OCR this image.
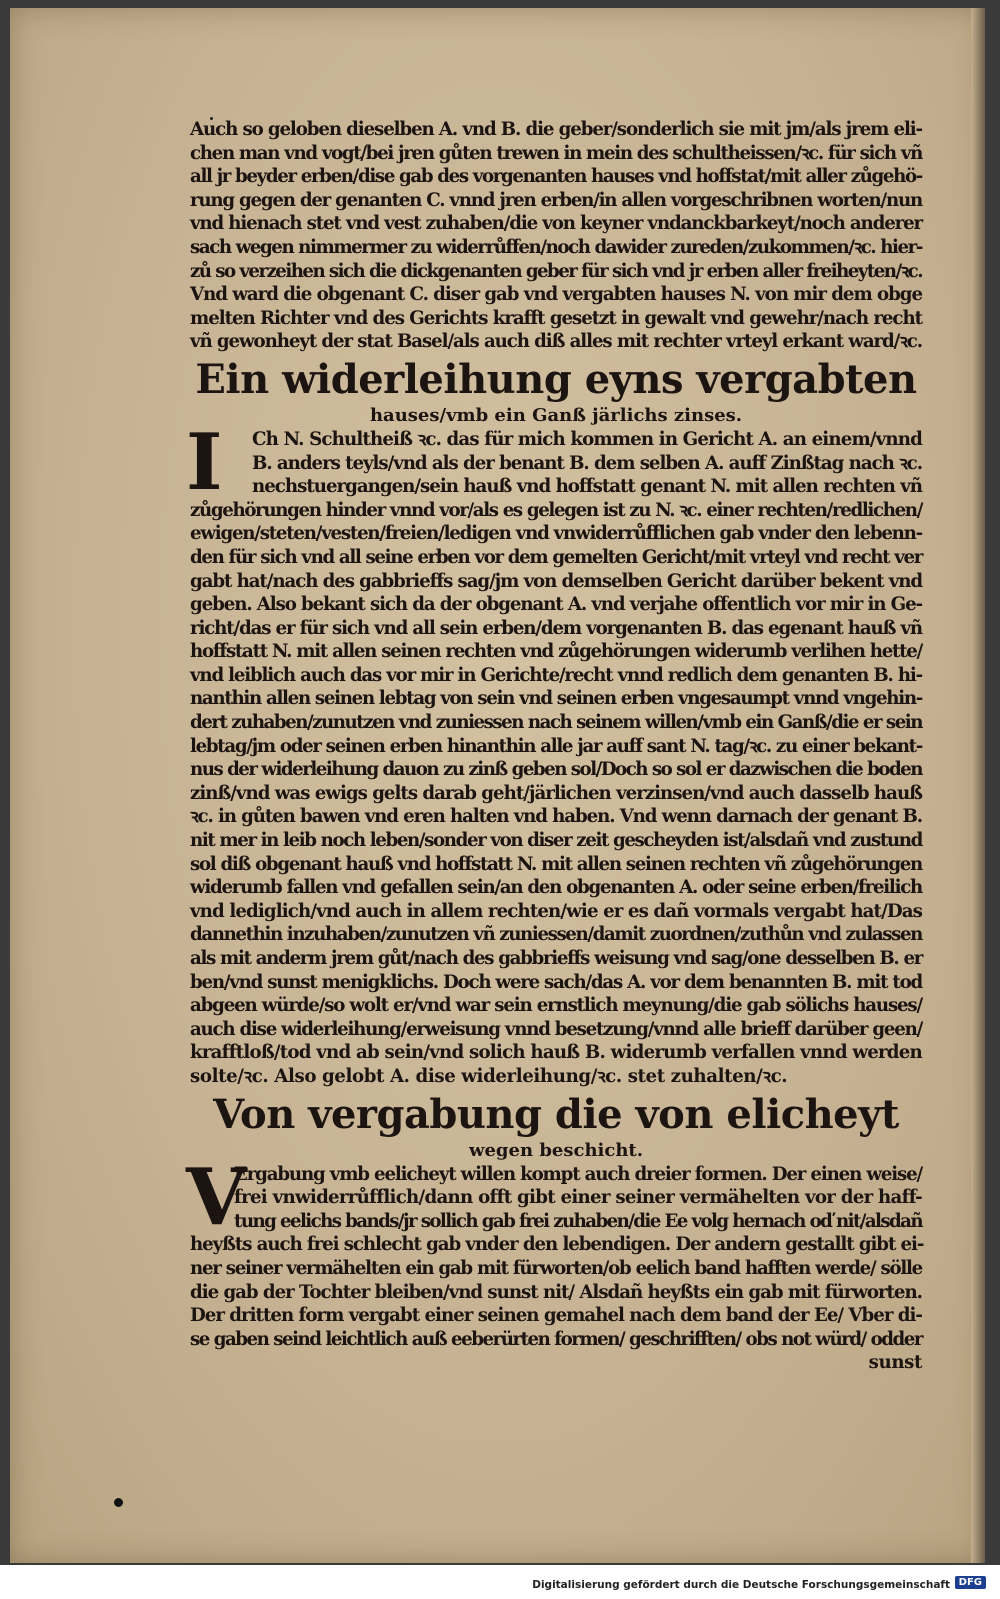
Auch so geloben dieselben A. vnd B. die geber/sonderlich sie mit jm/als jrem eli-
chen man vnd vogt/bei jren gůten trewen in mein des schultheissen/ꝛc. für sich vñ
all jr beyder erben/dise gab des vorgenanten hauses vnd hoffstat/mit aller zůgehö-
rung gegen der genanten C. vnnd jren erben/in allen vorgeschribnen worten/nun
vnd hienach stet vnd vest zuhaben/die von keyner vndanckbarkeyt/noch anderer
sach wegen nimmermer zu widerrůffen/noch dawider zureden/zukommen/ꝛc. hier-
zů so verzeihen sich die dickgenanten geber für sich vnd jr erben aller freiheyten/ꝛc.
Vnd ward die obgenant C. diser gab vnd vergabten hauses N. von mir dem obge
melten Richter vnd des Gerichts krafft gesetzt in gewalt vnd gewehr/nach recht
vñ gewonheyt der stat Basel/als auch diß alles mit rechter vrteyl erkant ward/ꝛc.
Ein widerleihung eyns vergabten
hauses/vmb ein Ganß järlichs zinses.
I	Ch N. Schultheiß ꝛc. das für mich kommen in Gericht A. an einem/vnnd
B. anders teyls/vnd als der benant B. dem selben A. auff Zinßtag nach ꝛc.
nechstuergangen/sein hauß vnd hoffstatt genant N. mit allen rechten vñ
zůgehörungen hinder vnnd vor/als es gelegen ist zu N. ꝛc. einer rechten/redlichen/
ewigen/steten/vesten/freien/ledigen vnd vnwiderrůfflichen gab vnder den lebenn-
den für sich vnd all seine erben vor dem gemelten Gericht/mit vrteyl vnd recht ver
gabt hat/nach des gabbrieffs sag/jm von demselben Gericht darüber bekent vnd
geben. Also bekant sich da der obgenant A. vnd verjahe offentlich vor mir in Ge-
richt/das er für sich vnd all sein erben/dem vorgenanten B. das egenant hauß vñ
hoffstatt N. mit allen seinen rechten vnd zůgehörungen widerumb verlihen hette/
vnd leiblich auch das vor mir in Gerichte/recht vnnd redlich dem genanten B. hi-
nanthin allen seinen lebtag von sein vnd seinen erben vngesaumpt vnnd vngehin-
dert zuhaben/zunutzen vnd zuniessen nach seinem willen/vmb ein Ganß/die er sein
lebtag/jm oder seinen erben hinanthin alle jar auff sant N. tag/ꝛc. zu einer bekant-
nus der widerleihung dauon zu zinß geben sol/Doch so sol er dazwischen die boden
zinß/vnd was ewigs gelts darab geht/järlichen verzinsen/vnd auch dasselb hauß
ꝛc. in gůten bawen vnd eren halten vnd haben. Vnd wenn darnach der genant B.
nit mer in leib noch leben/sonder von diser zeit gescheyden ist/alsdañ vnd zustund
sol diß obgenant hauß vnd hoffstatt N. mit allen seinen rechten vñ zůgehörungen
widerumb fallen vnd gefallen sein/an den obgenanten A. oder seine erben/freilich
vnd lediglich/vnd auch in allem rechten/wie er es dañ vormals vergabt hat/Das
dannethin inzuhaben/zunutzen vñ zuniessen/damit zuordnen/zuthůn vnd zulassen
als mit anderm jrem gůt/nach des gabbrieffs weisung vnd sag/one desselben B. er
ben/vnd sunst menigklichs. Doch were sach/das A. vor dem benannten B. mit tod
abgeen würde/so wolt er/vnd war sein ernstlich meynung/die gab sölichs hauses/
auch dise widerleihung/erweisung vnnd besetzung/vnnd alle brieff darüber geen/
krafftloß/tod vnd ab sein/vnd solich hauß B. widerumb verfallen vnnd werden
solte/ꝛc. Also gelobt A. dise widerleihung/ꝛc. stet zuhalten/ꝛc.
Von vergabung die von elicheyt
wegen beschicht.
V
Ergabung vmb eelicheyt willen kompt auch dreier formen. Der einen weise/
frei vnwiderrůfflich/dann offt gibt einer seiner vermähelten vor der haff-
tung eelichs bands/jr sollich gab frei zuhaben/die Ee volg hernach oď nit/alsdañ
heyßts auch frei schlecht gab vnder den lebendigen. Der andern gestallt gibt ei-
ner seiner vermähelten ein gab mit fürworten/ob eelich band hafften werde/ sölle
die gab der Tochter bleiben/vnd sunst nit/ Alsdañ heyßts ein gab mit fürworten.
Der dritten form vergabt einer seinen gemahel nach dem band der Ee/ Vber di-
se gaben seind leichtlich auß eeberürten formen/ geschrifften/ obs not würd/ odder
sunst
Digitalisierung gefördert durch die Deutsche Forschungsgemeinschaft DFG
